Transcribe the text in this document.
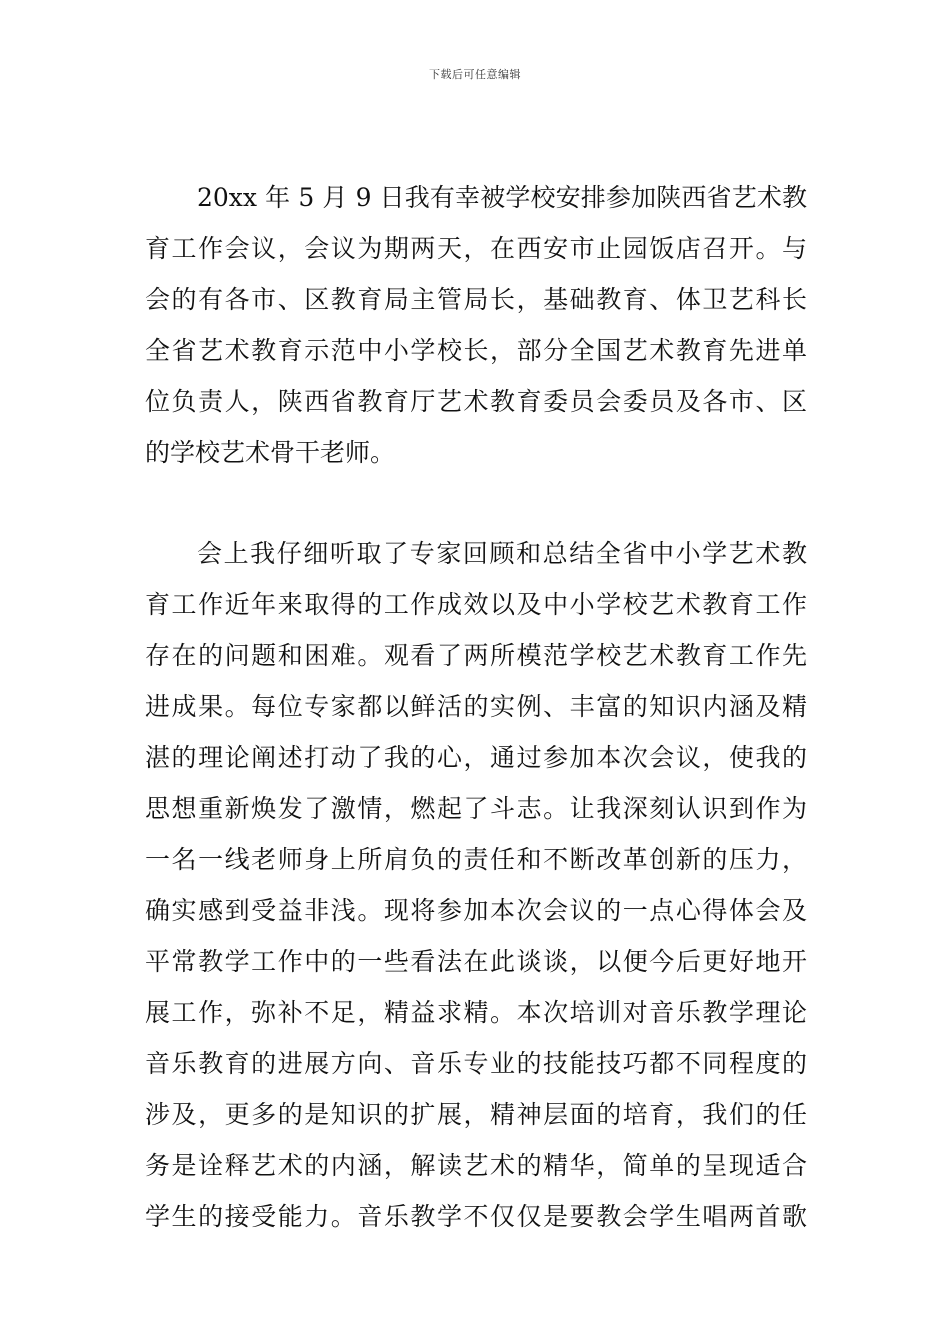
下载后可任意编辑
20xx 年 5 月 9 日我有幸被学校安排参加陕西省艺术教
育工作会议，会议为期两天，在西安市止园饭店召开。与
会的有各市、区教育局主管局长，基础教育、体卫艺科长
全省艺术教育示范中小学校长，部分全国艺术教育先进单
位负责人，陕西省教育厅艺术教育委员会委员及各市、区
的学校艺术骨干老师。
会上我仔细听取了专家回顾和总结全省中小学艺术教
育工作近年来取得的工作成效以及中小学校艺术教育工作
存在的问题和困难。观看了两所模范学校艺术教育工作先
进成果。每位专家都以鲜活的实例、丰富的知识内涵及精
湛的理论阐述打动了我的心，通过参加本次会议，使我的
思想重新焕发了激情，燃起了斗志。让我深刻认识到作为
一名一线老师身上所肩负的责任和不断改革创新的压力，
确实感到受益非浅。现将参加本次会议的一点心得体会及
平常教学工作中的一些看法在此谈谈，以便今后更好地开
展工作，弥补不足，精益求精。本次培训对音乐教学理论
音乐教育的进展方向、音乐专业的技能技巧都不同程度的
涉及，更多的是知识的扩展，精神层面的培育，我们的任
务是诠释艺术的内涵，解读艺术的精华，简单的呈现适合
学生的接受能力。音乐教学不仅仅是要教会学生唱两首歌
